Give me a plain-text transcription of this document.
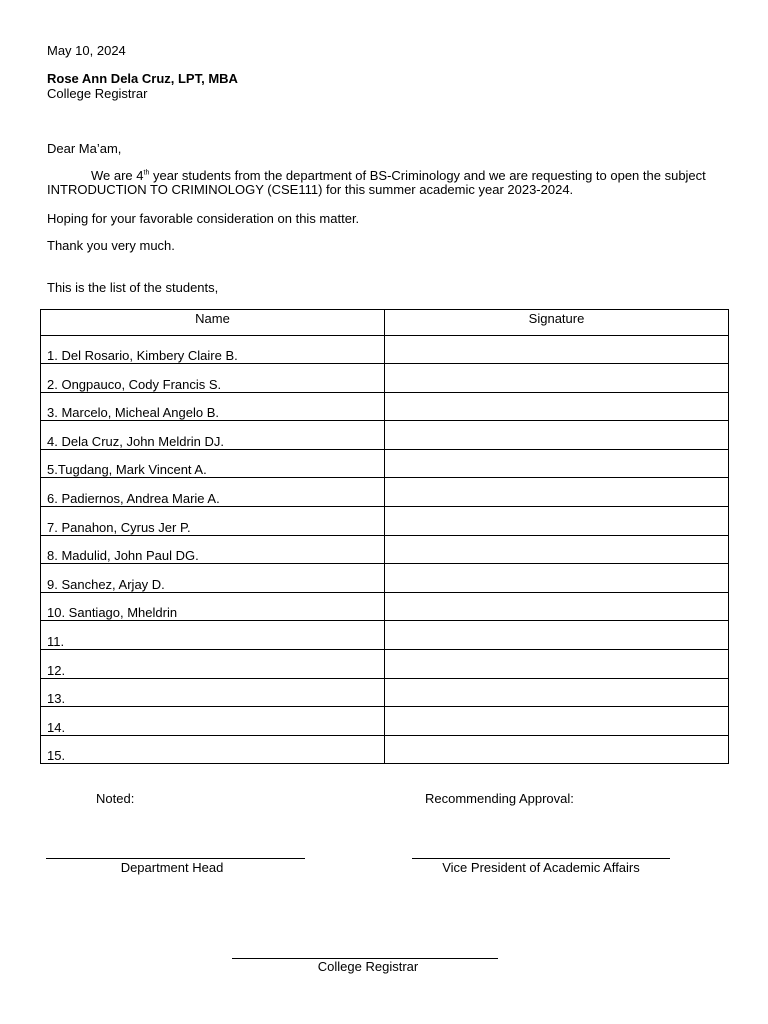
May 10, 2024
Rose Ann Dela Cruz, LPT, MBA
College Registrar
Dear Ma’am,
We are 4th year students from the department of BS-Criminology and we are requesting to open the subject
INTRODUCTION TO CRIMINOLOGY (CSE111) for this summer academic year 2023-2024.
Hoping for your favorable consideration on this matter.
Thank you very much.
This is the list of the students,
Name	Signature
1. Del Rosario, Kimbery Claire B.	
2. Ongpauco, Cody Francis S.	
3. Marcelo, Micheal Angelo B.	
4. Dela Cruz, John Meldrin DJ.	
5.Tugdang, Mark Vincent A.	
6. Padiernos, Andrea Marie A.	
7. Panahon, Cyrus Jer P.	
8. Madulid, John Paul DG.	
9. Sanchez, Arjay D.	
10. Santiago, Mheldrin	
11.	
12.	
13.	
14.	
15.	
Noted:	Recommending Approval:
Department Head	Vice President of Academic Affairs
College Registrar
